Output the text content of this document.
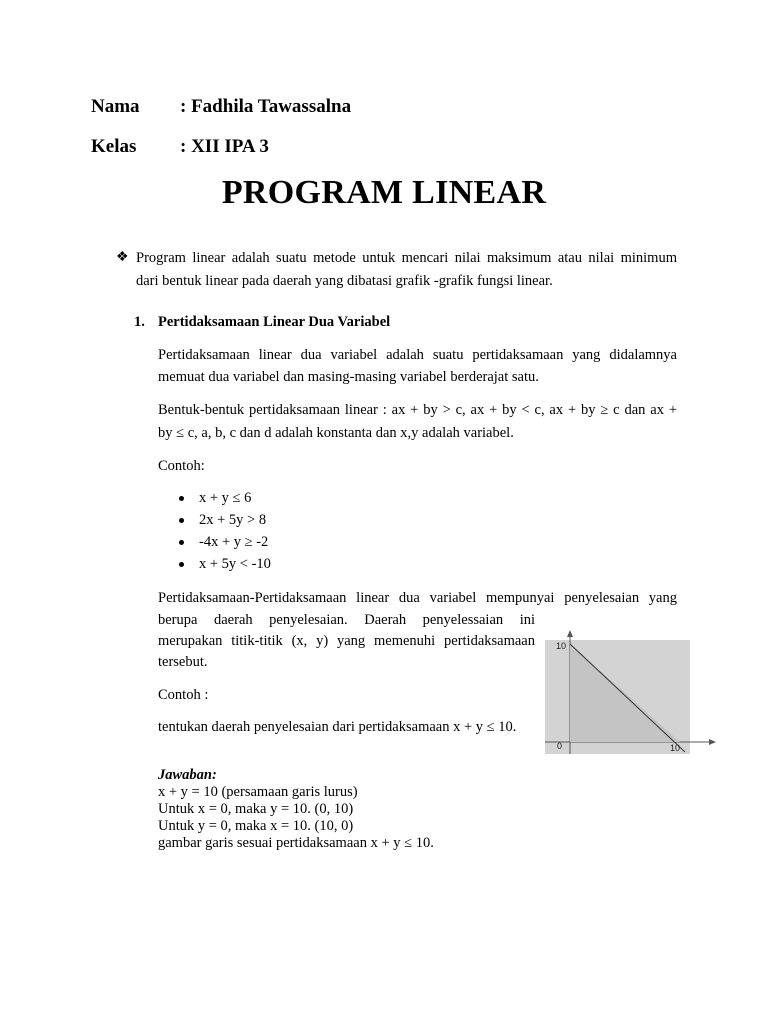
Nama : Fadhila Tawassalna
Kelas : XII IPA 3
PROGRAM LINEAR
❖ Program linear adalah suatu metode untuk mencari nilai maksimum atau nilai minimum
dari bentuk linear pada daerah yang dibatasi grafik -grafik fungsi linear.
1. Pertidaksamaan Linear Dua Variabel
Pertidaksamaan linear dua variabel adalah suatu pertidaksamaan yang didalamnya
memuat dua variabel dan masing-masing variabel berderajat satu.
Bentuk-bentuk pertidaksamaan linear : ax + by > c, ax + by < c, ax + by ≥ c dan ax +
by ≤ c, a, b, c dan d adalah konstanta dan x,y adalah variabel.
Contoh:
x + y ≤ 6
2x + 5y > 8
-4x + y ≥ -2
x + 5y < -10
Pertidaksamaan-Pertidaksamaan linear dua variabel mempunyai penyelesaian yang
berupa daerah penyelesaian. Daerah penyelessaian ini
merupakan titik-titik (x, y) yang memenuhi pertidaksamaan
tersebut.
Contoh :
tentukan daerah penyelesaian dari pertidaksamaan x + y ≤ 10.
10
0	10
Jawaban:
x + y = 10 (persamaan garis lurus)
Untuk x = 0, maka y = 10. (0, 10)
Untuk y = 0, maka x = 10. (10, 0)
gambar garis sesuai pertidaksamaan x + y ≤ 10.
